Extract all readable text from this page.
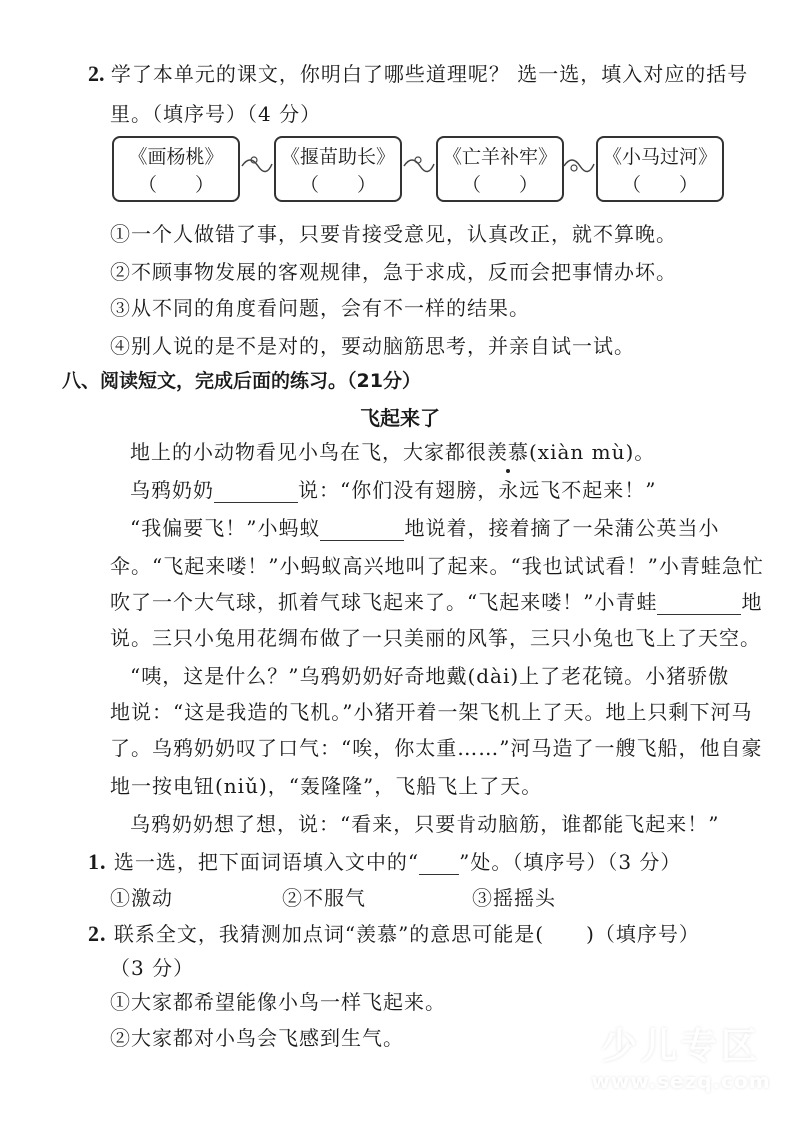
2. 学了本单元的课文，你明白了哪些道理呢？ 选一选，填入对应的括号
里。（填序号）（4 分）
《画杨桃》
（　　）
《揠苗助长》
（　　）
《亡羊补牢》
（　　）
《小马过河》
（　　）
①一个人做错了事，只要肯接受意见，认真改正，就不算晚。
②不顾事物发展的客观规律，急于求成，反而会把事情办坏。
③从不同的角度看问题，会有不一样的结果。
④别人说的是不是对的，要动脑筋思考，并亲自试一试。
八、阅读短文，完成后面的练习。（21分）
飞起来了
地上的小动物看见小鸟在飞，大家都很羡慕(xiàn mù)。
乌鸦奶奶	说：“你们没有翅膀，永远飞不起来！”
“我偏要飞！”小蚂蚁	地说着，接着摘了一朵蒲公英当小
伞。“飞起来喽！”小蚂蚁高兴地叫了起来。“我也试试看！”小青蛙急忙
吹了一个大气球，抓着气球飞起来了。“飞起来喽！”小青蛙	地
说。三只小兔用花绸布做了一只美丽的风筝，三只小兔也飞上了天空。
“咦，这是什么？”乌鸦奶奶好奇地戴(dài)上了老花镜。小猪骄傲
地说：“这是我造的飞机。”小猪开着一架飞机上了天。地上只剩下河马
了。乌鸦奶奶叹了口气：“唉，你太重……”河马造了一艘飞船，他自豪
地一按电钮(niǔ)，“轰隆隆”，飞船飞上了天。
乌鸦奶奶想了想，说：“看来，只要肯动脑筋，谁都能飞起来！”
1. 选一选，把下面词语填入文中的“ ”处。（填序号）（3 分）
①激动	②不服气	③摇摇头
2. 联系全文，我猜测加点词“羡慕”的意思可能是(　　)（填序号）
（3 分）
①大家都希望能像小鸟一样飞起来。
②大家都对小鸟会飞感到生气。	少儿专区
www.sezq.com
